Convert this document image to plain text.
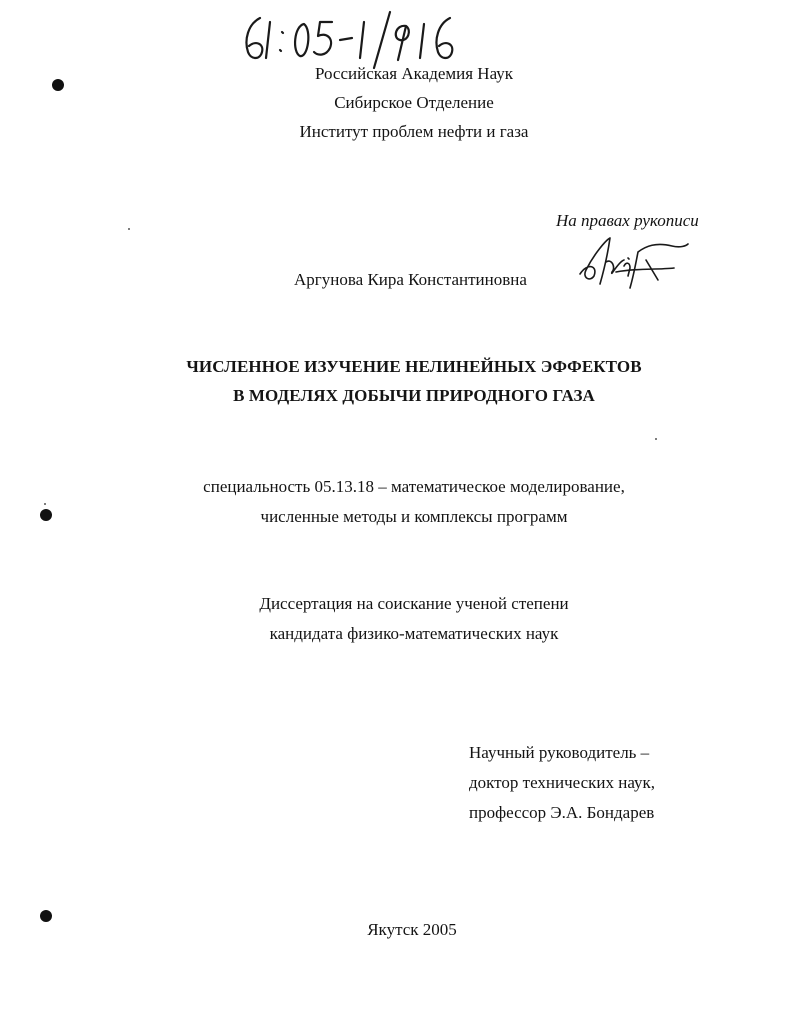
Российская Академия Наук
Сибирское Отделение
Институт проблем нефти и газа
На правах рукописи
Аргунова Кира Константиновна
ЧИСЛЕННОЕ ИЗУЧЕНИЕ НЕЛИНЕЙНЫХ ЭФФЕКТОВ
В МОДЕЛЯХ ДОБЫЧИ ПРИРОДНОГО ГАЗА
специальность 05.13.18 – математическое моделирование,
численные методы и комплексы программ
Диссертация на соискание ученой степени
кандидата физико-математических наук
Научный руководитель –
доктор технических наук,
профессор Э.А. Бондарев
Якутск 2005
